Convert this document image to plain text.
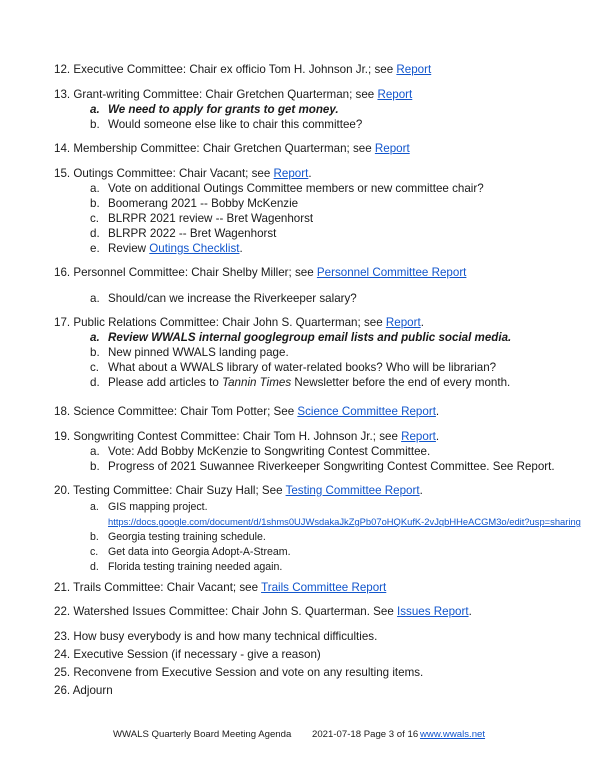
12. Executive Committee: Chair ex officio Tom H. Johnson Jr.; see Report
13. Grant-writing Committee: Chair Gretchen Quarterman; see Report
a. We need to apply for grants to get money.
b. Would someone else like to chair this committee?
14. Membership Committee: Chair Gretchen Quarterman; see Report
15. Outings Committee: Chair Vacant; see Report.
a. Vote on additional Outings Committee members or new committee chair?
b. Boomerang 2021 -- Bobby McKenzie
c. BLRPR 2021 review -- Bret Wagenhorst
d. BLRPR 2022 -- Bret Wagenhorst
e. Review Outings Checklist.
16. Personnel Committee: Chair Shelby Miller; see Personnel Committee Report
a. Should/can we increase the Riverkeeper salary?
17. Public Relations Committee: Chair John S. Quarterman; see Report.
a. Review WWALS internal googlegroup email lists and public social media.
b. New pinned WWALS landing page.
c. What about a WWALS library of water-related books? Who will be librarian?
d. Please add articles to Tannin Times Newsletter before the end of every month.
18. Science Committee: Chair Tom Potter; See Science Committee Report.
19. Songwriting Contest Committee: Chair Tom H. Johnson Jr.; see Report.
a. Vote: Add Bobby McKenzie to Songwriting Contest Committee.
b. Progress of 2021 Suwannee Riverkeeper Songwriting Contest Committee. See Report.
20. Testing Committee: Chair Suzy Hall; See Testing Committee Report.
a. GIS mapping project.
https://docs.google.com/document/d/1shms0UJWsdakaJkZgPb07oHQKufK-2vJqbHHeACGM3o/edit?usp=sharing
b. Georgia testing training schedule.
c. Get data into Georgia Adopt-A-Stream.
d. Florida testing training needed again.
21. Trails Committee: Chair Vacant; see Trails Committee Report
22. Watershed Issues Committee: Chair John S. Quarterman. See Issues Report.
23. How busy everybody is and how many technical difficulties.
24. Executive Session (if necessary - give a reason)
25. Reconvene from Executive Session and vote on any resulting items.
26. Adjourn
WWALS Quarterly Board Meeting Agenda 2021-07-18 Page 3 of 16 www.wwals.net
